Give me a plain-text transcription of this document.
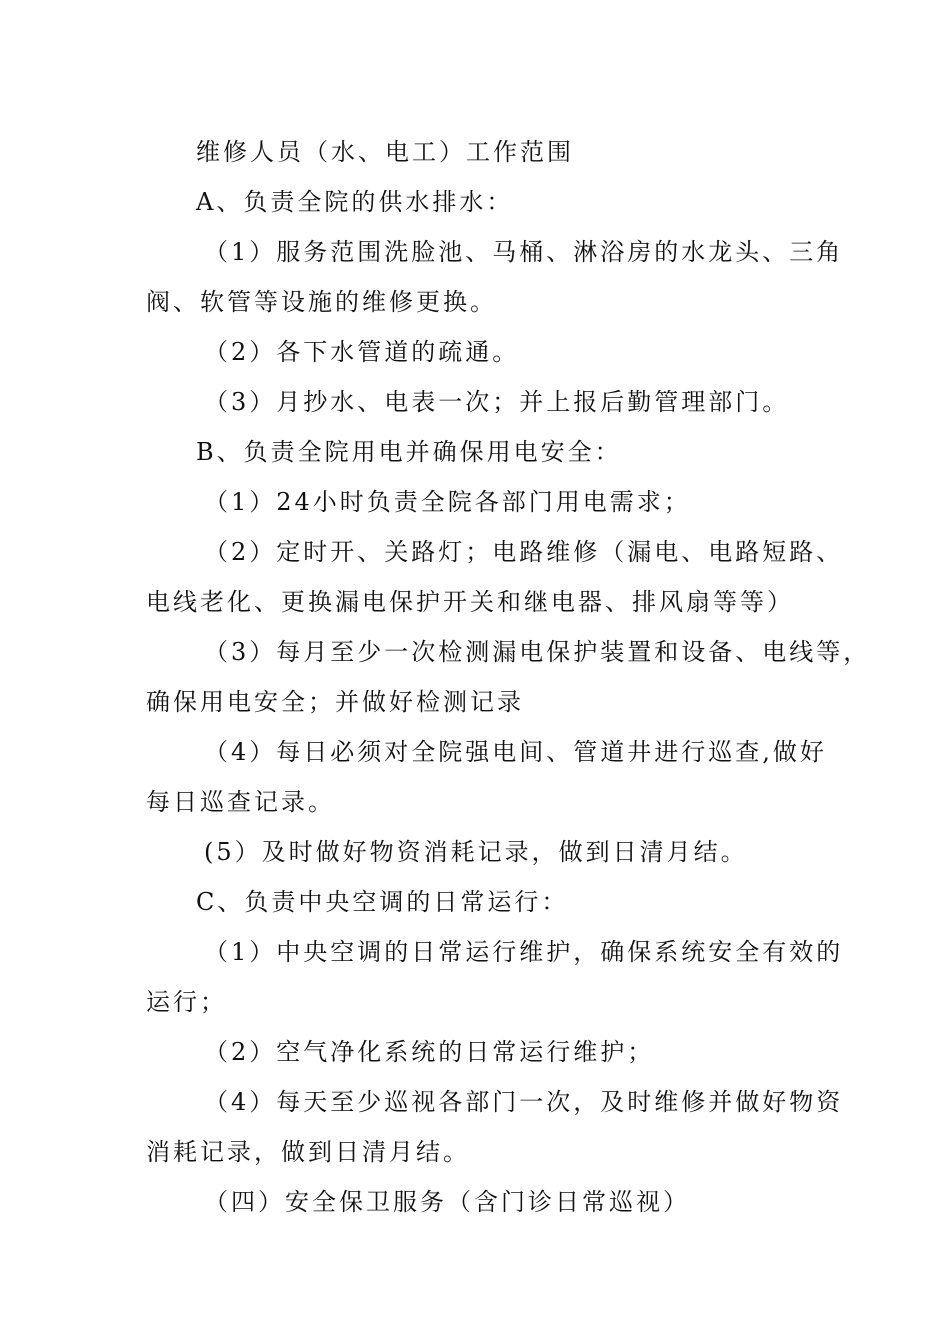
维修人员（水、电工）工作范围
A、负责全院的供水排水：
（1）服务范围洗脸池、马桶、淋浴房的水龙头、三角
阀、软管等设施的维修更换。
（2）各下水管道的疏通。
（3）月抄水、电表一次；并上报后勤管理部门。
B、负责全院用电并确保用电安全：
（1）24小时负责全院各部门用电需求；
（2）定时开、关路灯；电路维修（漏电、电路短路、
电线老化、更换漏电保护开关和继电器、排风扇等等）
（3）每月至少一次检测漏电保护装置和设备、电线等，
确保用电安全；并做好检测记录
（4）每日必须对全院强电间、管道井进行巡查,做好
每日巡查记录。
(5）及时做好物资消耗记录，做到日清月结。
C、负责中央空调的日常运行：
（1）中央空调的日常运行维护，确保系统安全有效的
运行；
（2）空气净化系统的日常运行维护；
（4）每天至少巡视各部门一次，及时维修并做好物资
消耗记录，做到日清月结。
（四）安全保卫服务（含门诊日常巡视）
